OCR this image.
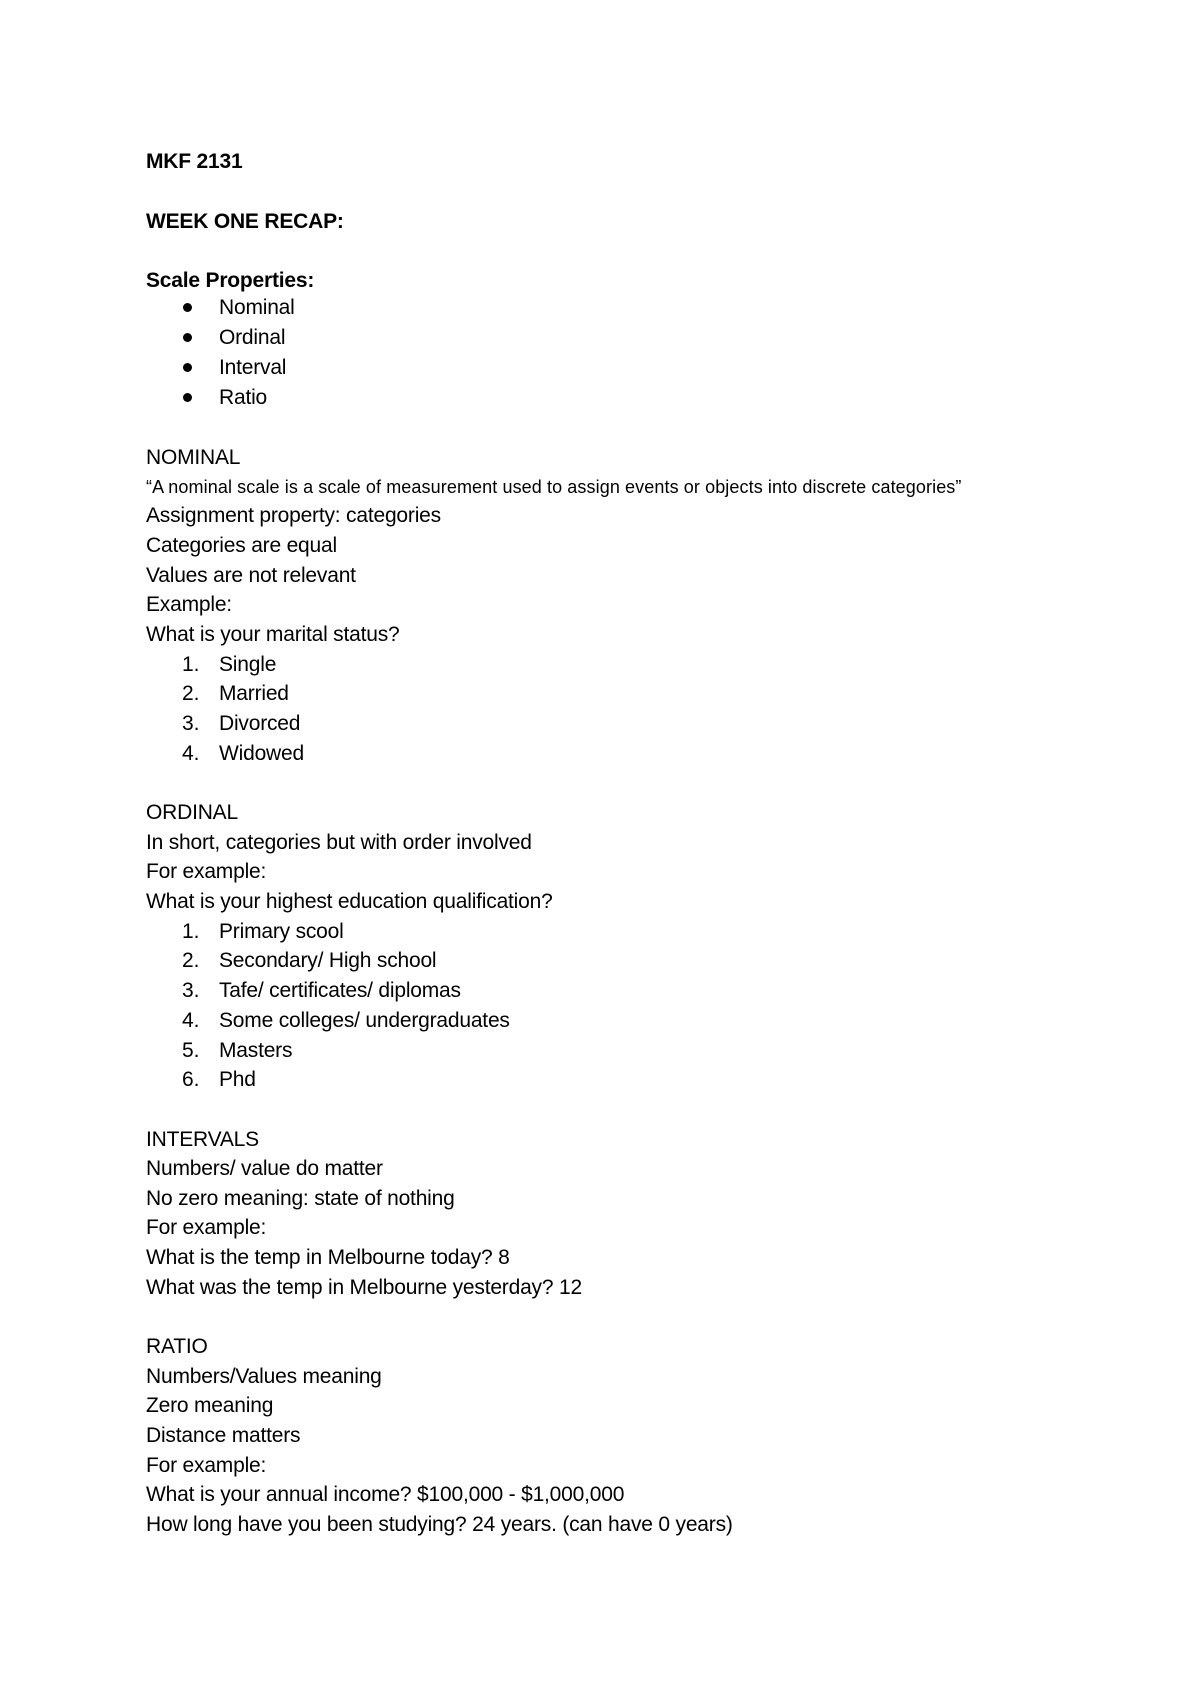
MKF 2131
WEEK ONE RECAP:
Scale Properties:
Nominal
Ordinal
Interval
Ratio
NOMINAL
“A nominal scale is a scale of measurement used to assign events or objects into discrete categories”
Assignment property: categories
Categories are equal
Values are not relevant
Example:
What is your marital status?
1. Single
2. Married
3. Divorced
4. Widowed
ORDINAL
In short, categories but with order involved
For example:
What is your highest education qualification?
1. Primary scool
2. Secondary/ High school
3. Tafe/ certificates/ diplomas
4. Some colleges/ undergraduates
5. Masters
6. Phd
INTERVALS
Numbers/ value do matter
No zero meaning: state of nothing
For example:
What is the temp in Melbourne today? 8
What was the temp in Melbourne yesterday? 12
RATIO
Numbers/Values meaning
Zero meaning
Distance matters
For example:
What is your annual income? $100,000 - $1,000,000
How long have you been studying? 24 years. (can have 0 years)
